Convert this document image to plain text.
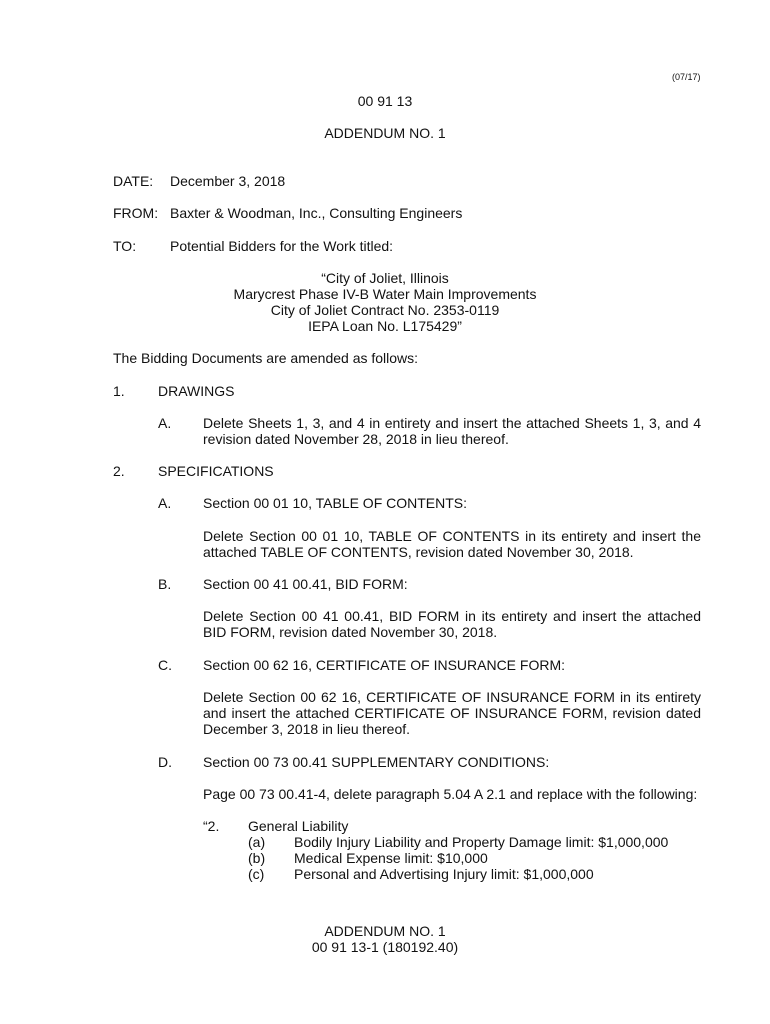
(07/17)
00 91 13
ADDENDUM NO. 1
DATE: December 3, 2018
FROM: Baxter & Woodman, Inc., Consulting Engineers
TO: Potential Bidders for the Work titled:
“City of Joliet, Illinois
Marycrest Phase IV-B Water Main Improvements
City of Joliet Contract No. 2353-0119
IEPA Loan No. L175429”
The Bidding Documents are amended as follows:
1. DRAWINGS
A. Delete Sheets 1, 3, and 4 in entirety and insert the attached Sheets 1, 3, and 4 revision dated November 28, 2018 in lieu thereof.
2. SPECIFICATIONS
A. Section 00 01 10, TABLE OF CONTENTS:
Delete Section 00 01 10, TABLE OF CONTENTS in its entirety and insert the attached TABLE OF CONTENTS, revision dated November 30, 2018.
B. Section 00 41 00.41, BID FORM:
Delete Section 00 41 00.41, BID FORM in its entirety and insert the attached BID FORM, revision dated November 30, 2018.
C. Section 00 62 16, CERTIFICATE OF INSURANCE FORM:
Delete Section 00 62 16, CERTIFICATE OF INSURANCE FORM in its entirety and insert the attached CERTIFICATE OF INSURANCE FORM, revision dated December 3, 2018 in lieu thereof.
D. Section 00 73 00.41 SUPPLEMENTARY CONDITIONS:
Page 00 73 00.41-4, delete paragraph 5.04 A 2.1 and replace with the following:
“2. General Liability
(a) Bodily Injury Liability and Property Damage limit: $1,000,000
(b) Medical Expense limit: $10,000
(c) Personal and Advertising Injury limit: $1,000,000
ADDENDUM NO. 1
00 91 13-1 (180192.40)
